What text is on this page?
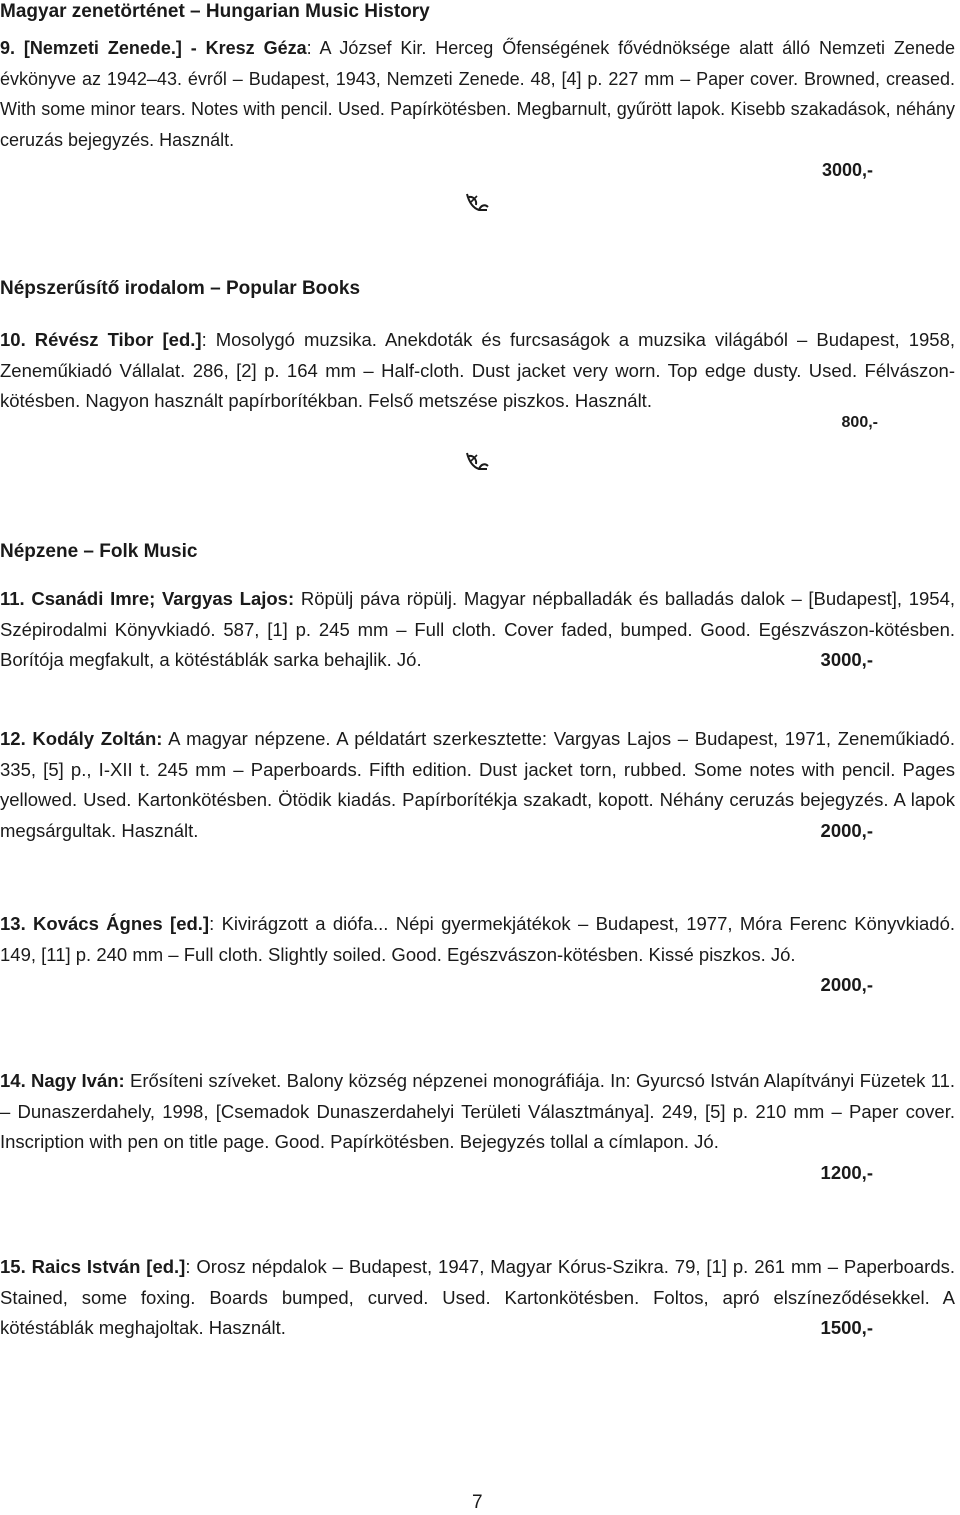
Magyar zenetörténet – Hungarian Music History
9. [Nemzeti Zenede.] - Kresz Géza: A József Kir. Herceg Őfenségének fővédnöksége alatt álló Nemzeti Zenede évkönyve az 1942–43. évről – Budapest, 1943, Nemzeti Zenede. 48, [4] p. 227 mm – Paper cover. Browned, creased. With some minor tears. Notes with pencil. Used. Papírkötésben. Megbarnult, gyűrött lapok. Kisebb szakadások, néhány ceruzás bejegyzés. Használt.
3000,-
Népszerűsítő irodalom – Popular Books
10. Révész Tibor [ed.]: Mosolygó muzsika. Anekdoták és furcsaságok a muzsika világából – Budapest, 1958, Zeneműkiadó Vállalat. 286, [2] p. 164 mm – Half-cloth. Dust jacket very worn. Top edge dusty. Used. Félvászon-kötésben. Nagyon használt papírborítékban. Felső metszése piszkos. Használt.
800,-
Népzene – Folk Music
11. Csanádi Imre; Vargyas Lajos: Röpülj páva röpülj. Magyar népballadák és balladás dalok – [Budapest], 1954, Szépirodalmi Könyvkiadó. 587, [1] p. 245 mm – Full cloth. Cover faded, bumped. Good. Egészvászon-kötésben. Borítója megfakult, a kötéstáblák sarka behajlik. Jó.	3000,-
12. Kodály Zoltán: A magyar népzene. A példatárt szerkesztette: Vargyas Lajos – Budapest, 1971, Zeneműkiadó. 335, [5] p., I-XII t. 245 mm – Paperboards. Fifth edition. Dust jacket torn, rubbed. Some notes with pencil. Pages yellowed. Used. Kartonkötésben. Ötödik kiadás. Papírborítékja szakadt, kopott. Néhány ceruzás bejegyzés. A lapok megsárgultak. Használt.	2000,-
13. Kovács Ágnes [ed.]: Kivirágzott a diófa... Népi gyermekjátékok – Budapest, 1977, Móra Ferenc Könyvkiadó. 149, [11] p. 240 mm – Full cloth. Slightly soiled. Good. Egészvászon-kötésben. Kissé piszkos. Jó.
2000,-
14. Nagy Iván: Erősíteni szíveket. Balony község népzenei monográfiája. In: Gyurcsó István Alapítványi Füzetek 11. – Dunaszerdahely, 1998, [Csemadok Dunaszerdahelyi Területi Választmánya]. 249, [5] p. 210 mm – Paper cover. Inscription with pen on title page. Good. Papírkötésben. Bejegyzés tollal a címlapon. Jó.
1200,-
15. Raics István [ed.]: Orosz népdalok – Budapest, 1947, Magyar Kórus-Szikra. 79, [1] p. 261 mm – Paperboards. Stained, some foxing. Boards bumped, curved. Used. Kartonkötésben. Foltos, apró elszíneződésekkel. A kötéstáblák meghajoltak. Használt.	1500,-
7
